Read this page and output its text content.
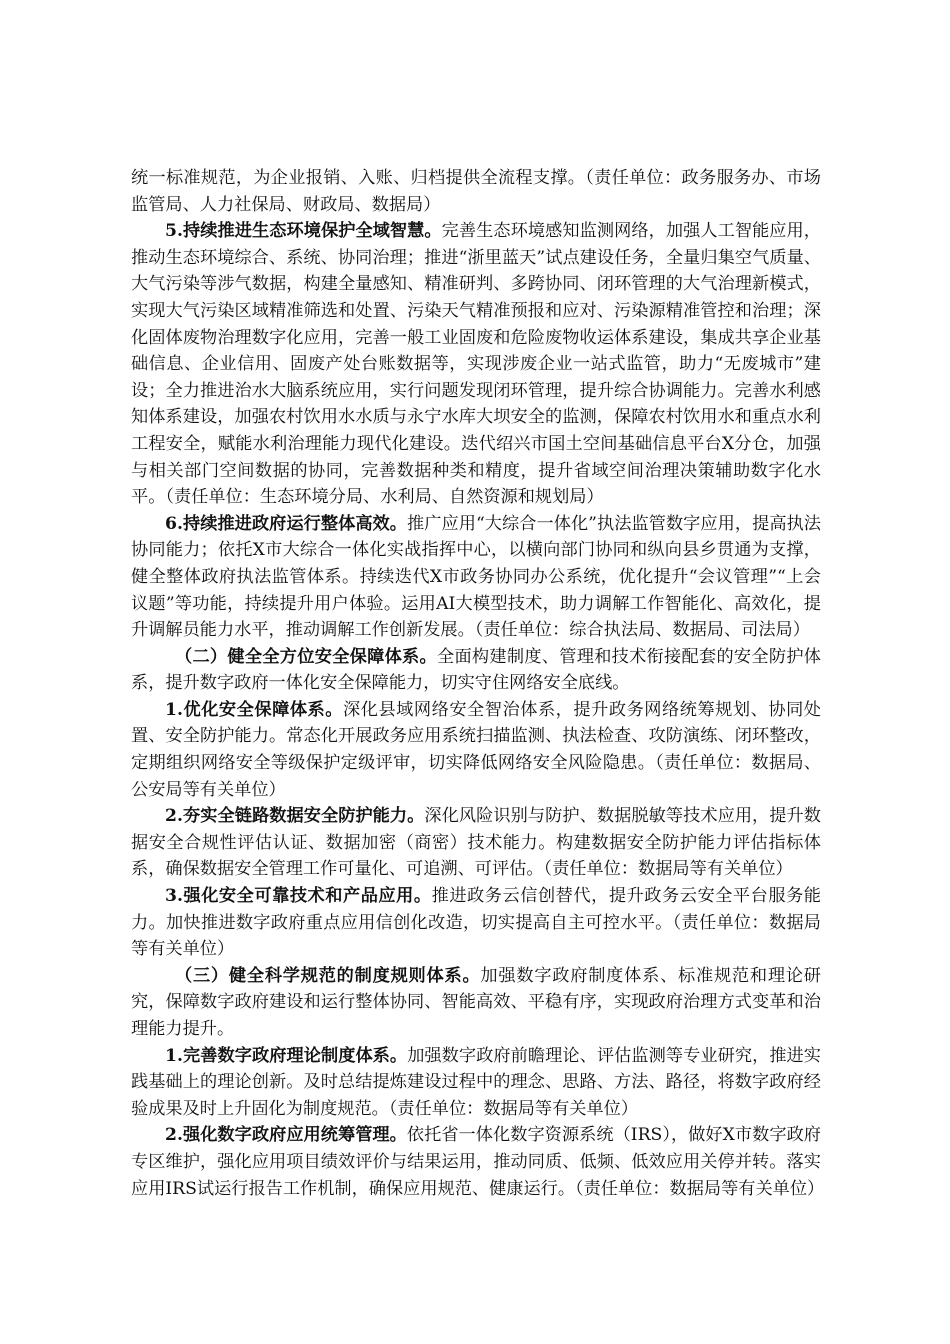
统一标准规范，为企业报销、入账、归档提供全流程支撑。（责任单位：政务服务办、市场监管局、人力社保局、财政局、数据局）

5.持续推进生态环境保护全域智慧。完善生态环境感知监测网络，加强人工智能应用，推动生态环境综合、系统、协同治理；推进“浙里蓝天”试点建设任务，全量归集空气质量、大气污染等涉气数据，构建全量感知、精准研判、多跨协同、闭环管理的大气治理新模式，实现大气污染区域精准筛选和处置、污染天气精准预报和应对、污染源精准管控和治理；深化固体废物治理数字化应用，完善一般工业固废和危险废物收运体系建设，集成共享企业基础信息、企业信用、固废产处台账数据等，实现涉废企业一站式监管，助力“无废城市”建设；全力推进治水大脑系统应用，实行问题发现闭环管理，提升综合协调能力。完善水利感知体系建设，加强农村饮用水水质与永宁水库大坝安全的监测，保障农村饮用水和重点水利工程安全，赋能水利治理能力现代化建设。迭代绍兴市国土空间基础信息平台X分仓，加强与相关部门空间数据的协同，完善数据种类和精度，提升省域空间治理决策辅助数字化水平。（责任单位：生态环境分局、水利局、自然资源和规划局）

6.持续推进政府运行整体高效。推广应用“大综合一体化”执法监管数字应用，提高执法协同能力；依托X市大综合一体化实战指挥中心，以横向部门协同和纵向县乡贯通为支撑，健全整体政府执法监管体系。持续迭代X市政务协同办公系统，优化提升“会议管理”“上会议题”等功能，持续提升用户体验。运用AI大模型技术，助力调解工作智能化、高效化，提升调解员能力水平，推动调解工作创新发展。（责任单位：综合执法局、数据局、司法局）

（二）健全全方位安全保障体系。全面构建制度、管理和技术衔接配套的安全防护体系，提升数字政府一体化安全保障能力，切实守住网络安全底线。

1.优化安全保障体系。深化县域网络安全智治体系，提升政务网络统筹规划、协同处置、安全防护能力。常态化开展政务应用系统扫描监测、执法检查、攻防演练、闭环整改，定期组织网络安全等级保护定级评审，切实降低网络安全风险隐患。（责任单位：数据局、公安局等有关单位）

2.夯实全链路数据安全防护能力。深化风险识别与防护、数据脱敏等技术应用，提升数据安全合规性评估认证、数据加密（商密）技术能力。构建数据安全防护能力评估指标体系，确保数据安全管理工作可量化、可追溯、可评估。（责任单位：数据局等有关单位）

3.强化安全可靠技术和产品应用。推进政务云信创替代，提升政务云安全平台服务能力。加快推进数字政府重点应用信创化改造，切实提高自主可控水平。（责任单位：数据局等有关单位）

（三）健全科学规范的制度规则体系。加强数字政府制度体系、标准规范和理论研究，保障数字政府建设和运行整体协同、智能高效、平稳有序，实现政府治理方式变革和治理能力提升。

1.完善数字政府理论制度体系。加强数字政府前瞻理论、评估监测等专业研究，推进实践基础上的理论创新。及时总结提炼建设过程中的理念、思路、方法、路径，将数字政府经验成果及时上升固化为制度规范。（责任单位：数据局等有关单位）

2.强化数字政府应用统筹管理。依托省一体化数字资源系统（IRS），做好X市数字政府专区维护，强化应用项目绩效评价与结果运用，推动同质、低频、低效应用关停并转。落实应用IRS试运行报告工作机制，确保应用规范、健康运行。（责任单位：数据局等有关单位）
